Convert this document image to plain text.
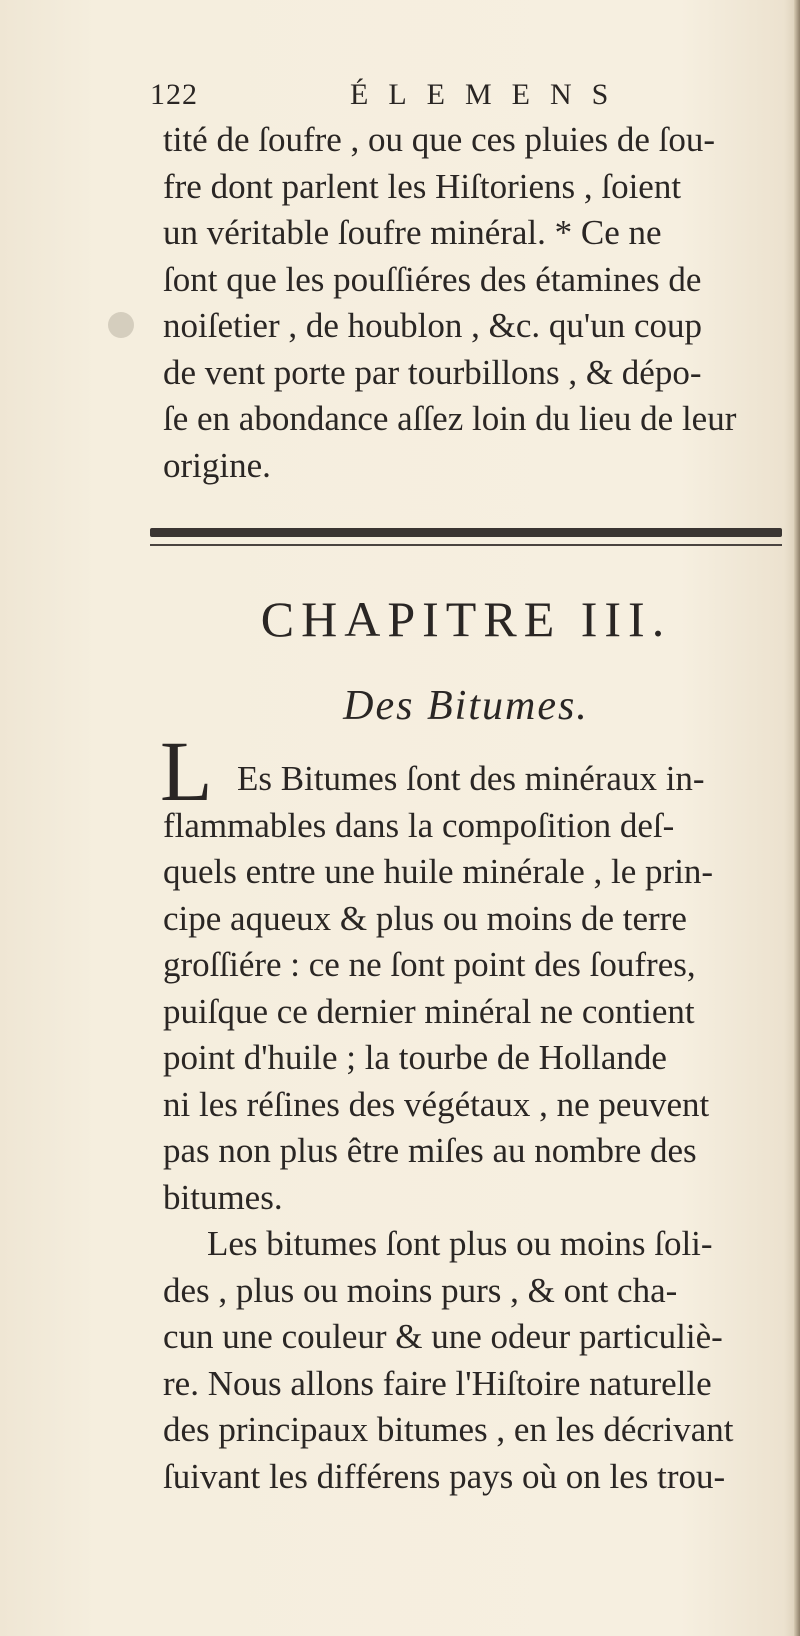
122	ÉLEMENS
tité de ſoufre , ou que ces pluies de ſou-
fre dont parlent les Hiſtoriens , ſoient
un véritable ſoufre minéral. * Ce ne
ſont que les pouſſiéres des étamines de
noiſetier , de houblon , &c. qu'un coup
de vent porte par tourbillons , & dépo-
ſe en abondance aſſez loin du lieu de leur
origine.
CHAPITRE III.
Des Bitumes.
L Es Bitumes ſont des minéraux in-
flammables dans la compoſition deſ-
quels entre une huile minérale , le prin-
cipe aqueux & plus ou moins de terre
groſſiére : ce ne ſont point des ſoufres,
puiſque ce dernier minéral ne contient
point d'huile ; la tourbe de Hollande
ni les réſines des végétaux , ne peuvent
pas non plus être miſes au nombre des
bitumes.
Les bitumes ſont plus ou moins ſoli-
des , plus ou moins purs , & ont cha-
cun une couleur & une odeur particuliè-
re. Nous allons faire l'Hiſtoire naturelle
des principaux bitumes , en les décrivant
ſuivant les différens pays où on les trou-
